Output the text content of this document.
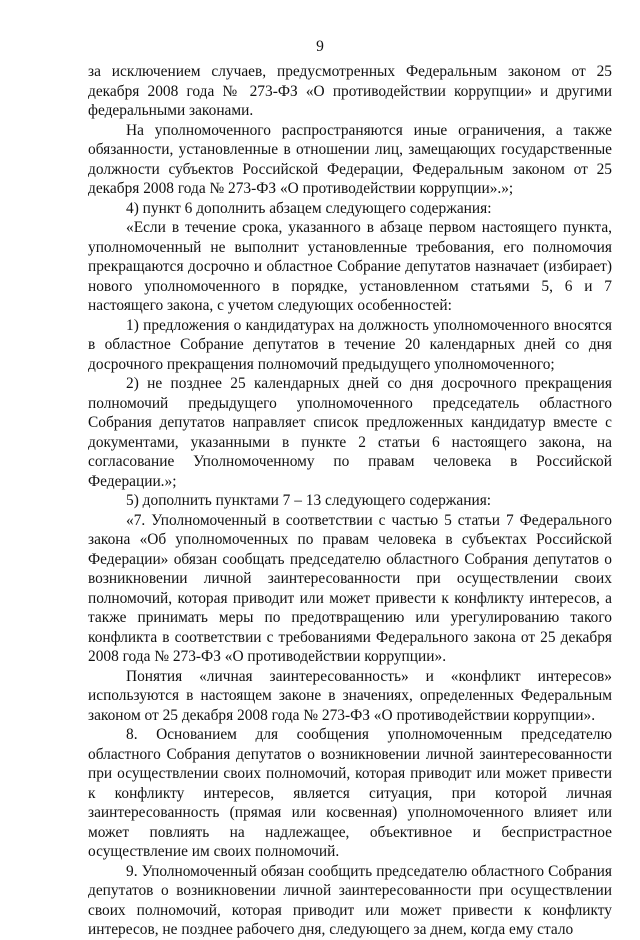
9

за исключением случаев, предусмотренных Федеральным законом от 25 декабря 2008 года № 273-ФЗ «О противодействии коррупции» и другими федеральными законами.

На уполномоченного распространяются иные ограничения, а также обязанности, установленные в отношении лиц, замещающих государственные должности субъектов Российской Федерации, Федеральным законом от 25 декабря 2008 года № 273-ФЗ «О противодействии коррупции».»;

4) пункт 6 дополнить абзацем следующего содержания:

«Если в течение срока, указанного в абзаце первом настоящего пункта, уполномоченный не выполнит установленные требования, его полномочия прекращаются досрочно и областное Собрание депутатов назначает (избирает) нового уполномоченного в порядке, установленном статьями 5, 6 и 7 настоящего закона, с учетом следующих особенностей:

1) предложения о кандидатурах на должность уполномоченного вносятся в областное Собрание депутатов в течение 20 календарных дней со дня досрочного прекращения полномочий предыдущего уполномоченного;

2) не позднее 25 календарных дней со дня досрочного прекращения полномочий предыдущего уполномоченного председатель областного Собрания депутатов направляет список предложенных кандидатур вместе с документами, указанными в пункте 2 статьи 6 настоящего закона, на согласование Уполномоченному по правам человека в Российской Федерации.»;

5) дополнить пунктами 7 – 13 следующего содержания:

«7. Уполномоченный в соответствии с частью 5 статьи 7 Федерального закона «Об уполномоченных по правам человека в субъектах Российской Федерации» обязан сообщать председателю областного Собрания депутатов о возникновении личной заинтересованности при осуществлении своих полномочий, которая приводит или может привести к конфликту интересов, а также принимать меры по предотвращению или урегулированию такого конфликта в соответствии с требованиями Федерального закона от 25 декабря 2008 года № 273-ФЗ «О противодействии коррупции».

Понятия «личная заинтересованность» и «конфликт интересов» используются в настоящем законе в значениях, определенных Федеральным законом от 25 декабря 2008 года № 273-ФЗ «О противодействии коррупции».

8. Основанием для сообщения уполномоченным председателю областного Собрания депутатов о возникновении личной заинтересованности при осуществлении своих полномочий, которая приводит или может привести к конфликту интересов, является ситуация, при которой личная заинтересованность (прямая или косвенная) уполномоченного влияет или может повлиять на надлежащее, объективное и беспристрастное осуществление им своих полномочий.

9. Уполномоченный обязан сообщить председателю областного Собрания депутатов о возникновении личной заинтересованности при осуществлении своих полномочий, которая приводит или может привести к конфликту интересов, не позднее рабочего дня, следующего за днем, когда ему стало
